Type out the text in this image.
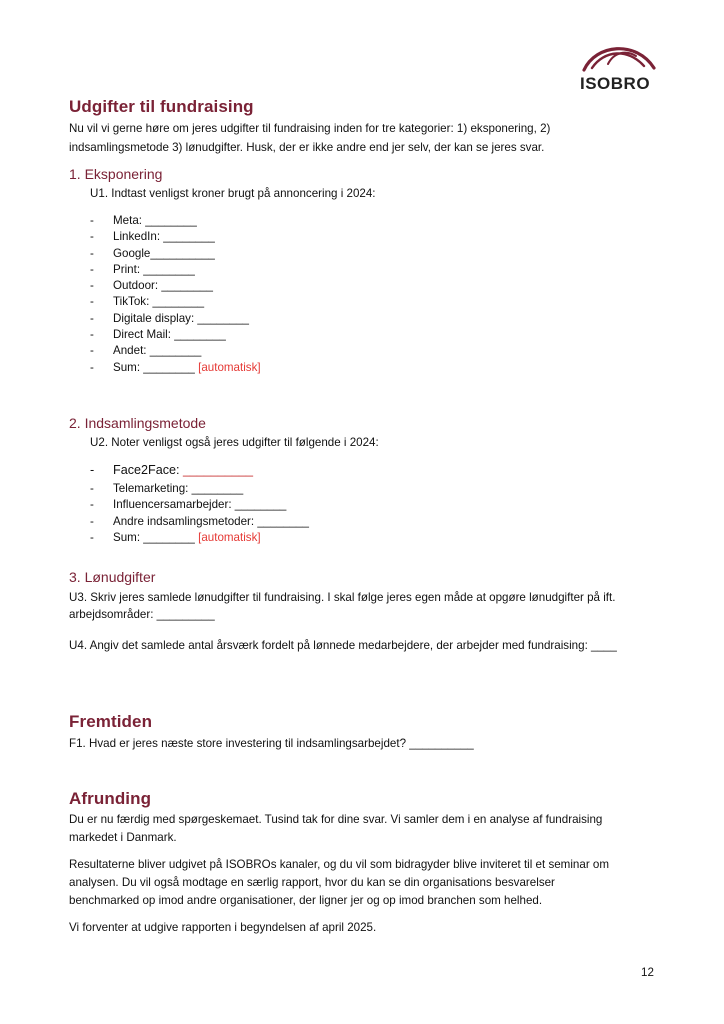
ISOBRO
Udgifter til fundraising
Nu vil vi gerne høre om jeres udgifter til fundraising inden for tre kategorier: 1) eksponering, 2)
indsamlingsmetode 3) lønudgifter. Husk, der er ikke andre end jer selv, der kan se jeres svar.
1. Eksponering
U1. Indtast venligst kroner brugt på annoncering i 2024:
- Meta: ________
- LinkedIn: ________
- Google__________
- Print: ________
- Outdoor: ________
- TikTok: ________
- Digitale display: ________
- Direct Mail: ________
- Andet: ________
- Sum: ________ [automatisk]
2. Indsamlingsmetode
U2. Noter venligst også jeres udgifter til følgende i 2024:
- Face2Face: __________
- Telemarketing: ________
- Influencersamarbejder: ________
- Andre indsamlingsmetoder: ________
- Sum: ________ [automatisk]
3. Lønudgifter
U3. Skriv jeres samlede lønudgifter til fundraising. I skal følge jeres egen måde at opgøre lønudgifter på ift.
arbejdsområder: _________
U4. Angiv det samlede antal årsværk fordelt på lønnede medarbejdere, der arbejder med fundraising: ____
Fremtiden
F1. Hvad er jeres næste store investering til indsamlingsarbejdet? __________
Afrunding
Du er nu færdig med spørgeskemaet. Tusind tak for dine svar. Vi samler dem i en analyse af fundraising
markedet i Danmark.
Resultaterne bliver udgivet på ISOBROs kanaler, og du vil som bidragyder blive inviteret til et seminar om
analysen. Du vil også modtage en særlig rapport, hvor du kan se din organisations besvarelser
benchmarked op imod andre organisationer, der ligner jer og op imod branchen som helhed.
Vi forventer at udgive rapporten i begyndelsen af april 2025.
12
